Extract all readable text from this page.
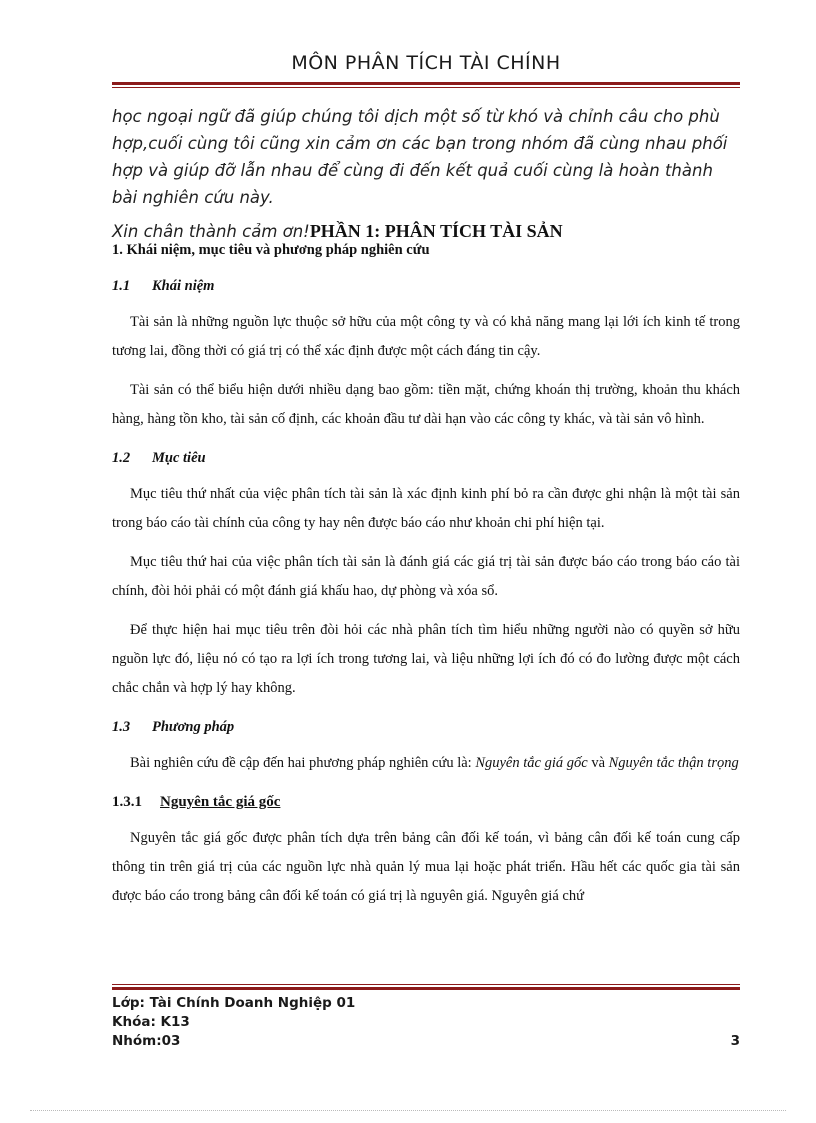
MÔN PHÂN TÍCH TÀI CHÍNH

học ngoại ngữ đã giúp chúng tôi dịch một số từ khó và chỉnh câu cho phù hợp,cuối cùng tôi cũng xin cảm ơn các bạn trong nhóm đã cùng nhau phối hợp và giúp đỡ lẫn nhau để cùng đi đến kết quả cuối cùng là hoàn thành bài nghiên cứu này.

Xin chân thành cảm ơn!PHẦN 1: PHÂN TÍCH TÀI SẢN

1. Khái niệm, mục tiêu và phương pháp nghiên cứu

1.1 Khái niệm

Tài sản là những nguồn lực thuộc sở hữu của một công ty và có khả năng mang lại lới ích kinh tế trong tương lai, đồng thời có giá trị có thể xác định được một cách đáng tin cậy.

Tài sản có thể biểu hiện dưới nhiều dạng bao gồm: tiền mặt, chứng khoán thị trường, khoản thu khách hàng, hàng tồn kho, tài sản cố định, các khoản đầu tư dài hạn vào các công ty khác, và tài sản vô hình.

1.2 Mục tiêu

Mục tiêu thứ nhất của việc phân tích tài sản là xác định kinh phí bỏ ra cần được ghi nhận là một tài sản trong báo cáo tài chính của công ty hay nên được báo cáo như khoản chi phí hiện tại.

Mục tiêu thứ hai của việc phân tích tài sản là đánh giá các giá trị tài sản được báo cáo trong báo cáo tài chính, đòi hỏi phải có một đánh giá khấu hao, dự phòng và xóa sổ.

Để thực hiện hai mục tiêu trên đòi hỏi các nhà phân tích tìm hiểu những người nào có quyền sở hữu nguồn lực đó, liệu nó có tạo ra lợi ích trong tương lai, và liệu những lợi ích đó có đo lường được một cách chắc chắn và hợp lý hay không.

1.3 Phương pháp

Bài nghiên cứu đề cập đến hai phương pháp nghiên cứu là: Nguyên tắc giá gốc và Nguyên tắc thận trọng

1.3.1 Nguyên tắc giá gốc

Nguyên tắc giá gốc được phân tích dựa trên bảng cân đối kế toán, vì bảng cân đối kế toán cung cấp thông tin trên giá trị của các nguồn lực nhà quản lý mua lại hoặc phát triển. Hầu hết các quốc gia tài sản được báo cáo trong bảng cân đối kế toán có giá trị là nguyên giá. Nguyên giá chứ

Lớp: Tài Chính Doanh Nghiệp 01
Khóa: K13
Nhóm:03	3
